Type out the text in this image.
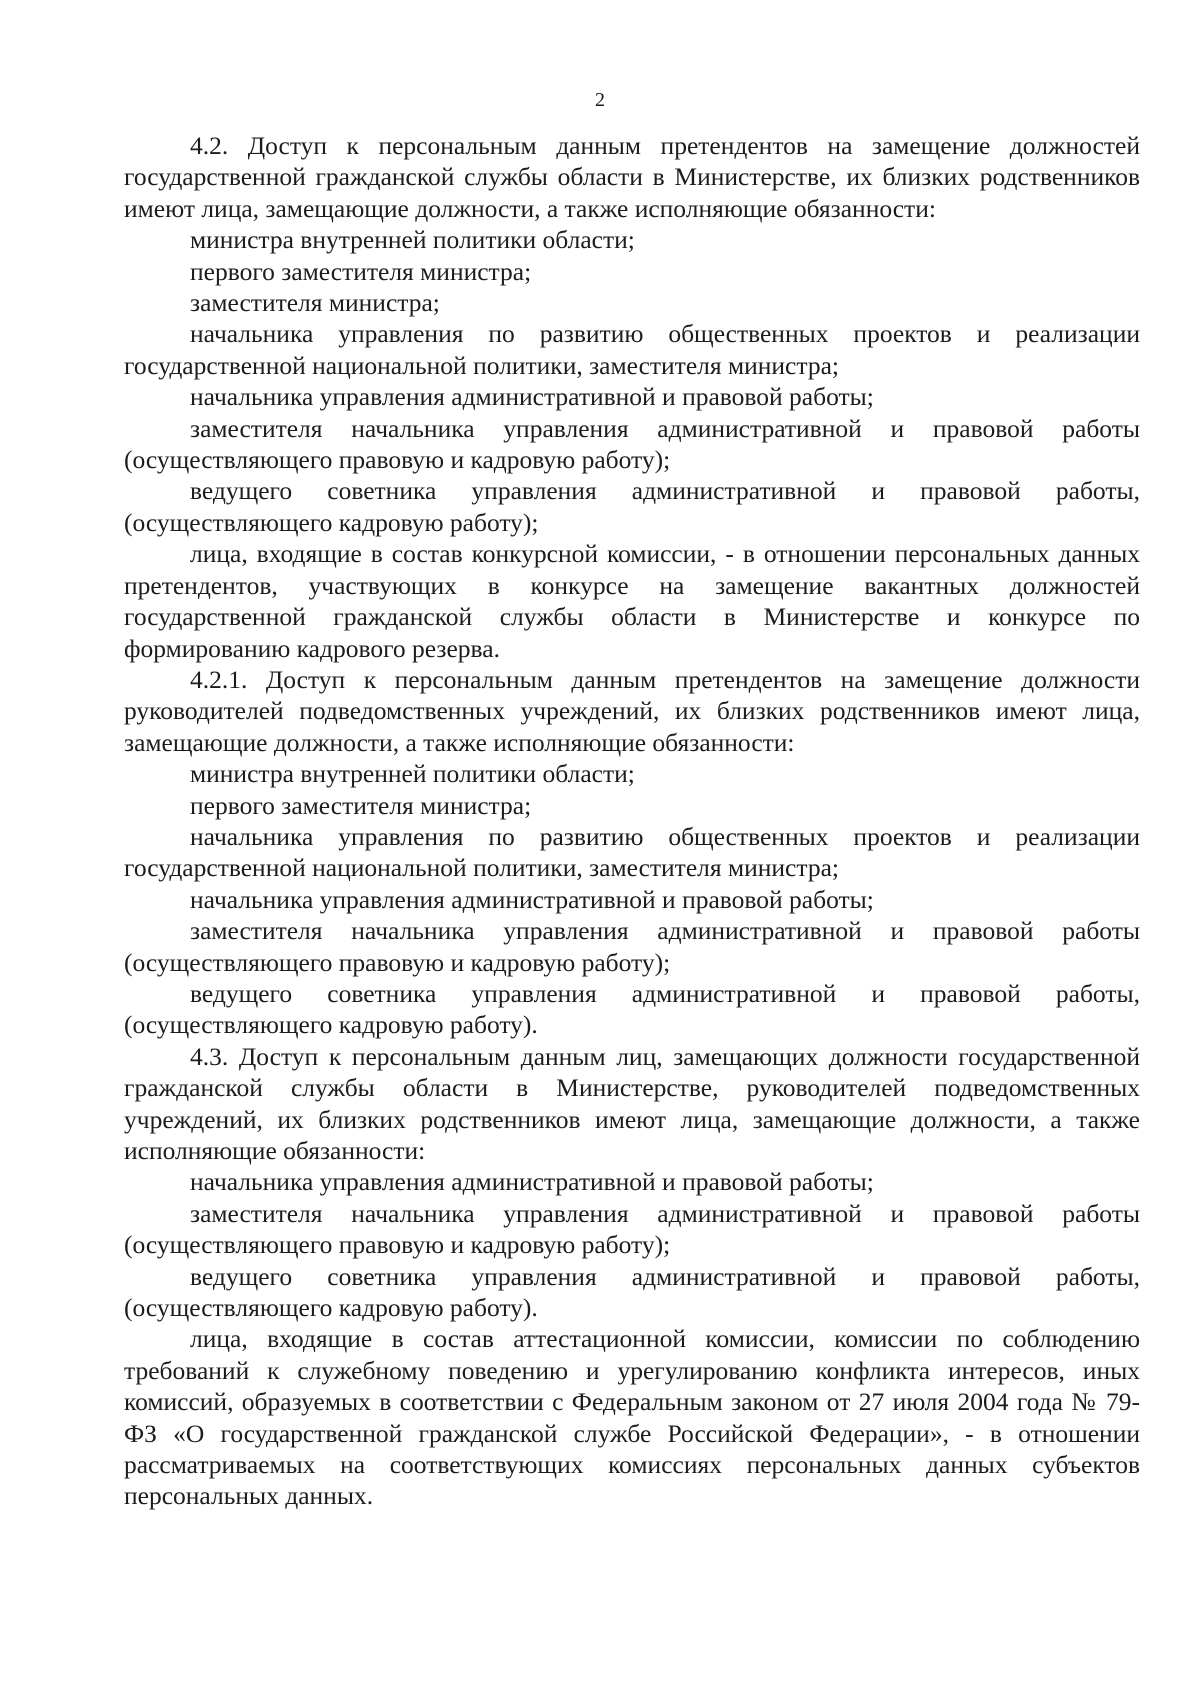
2

4.2. Доступ к персональным данным претендентов на замещение должностей государственной гражданской службы области в Министерстве, их близких родственников имеют лица, замещающие должности, а также исполняющие обязанности:

министра внутренней политики области;

первого заместителя министра;

заместителя министра;

начальника управления по развитию общественных проектов и реализации государственной национальной политики, заместителя министра;

начальника управления административной и правовой работы;

заместителя начальника управления административной и правовой работы (осуществляющего правовую и кадровую работу);

ведущего советника управления административной и правовой работы, (осуществляющего кадровую работу);

лица, входящие в состав конкурсной комиссии, - в отношении персональных данных претендентов, участвующих в конкурсе на замещение вакантных должностей государственной гражданской службы области в Министерстве и конкурсе по формированию кадрового резерва.

4.2.1. Доступ к персональным данным претендентов на замещение должности руководителей подведомственных учреждений, их близких родственников имеют лица, замещающие должности, а также исполняющие обязанности:

министра внутренней политики области;

первого заместителя министра;

начальника управления по развитию общественных проектов и реализации государственной национальной политики, заместителя министра;

начальника управления административной и правовой работы;

заместителя начальника управления административной и правовой работы (осуществляющего правовую и кадровую работу);

ведущего советника управления административной и правовой работы, (осуществляющего кадровую работу).

4.3. Доступ к персональным данным лиц, замещающих должности государственной гражданской службы области в Министерстве, руководителей подведомственных учреждений, их близких родственников имеют лица, замещающие должности, а также исполняющие обязанности:

начальника управления административной и правовой работы;

заместителя начальника управления административной и правовой работы (осуществляющего правовую и кадровую работу);

ведущего советника управления административной и правовой работы, (осуществляющего кадровую работу).

лица, входящие в состав аттестационной комиссии, комиссии по соблюдению требований к служебному поведению и урегулированию конфликта интересов, иных комиссий, образуемых в соответствии с Федеральным законом от 27 июля 2004 года № 79-ФЗ «О государственной гражданской службе Российской Федерации», - в отношении рассматриваемых на соответствующих комиссиях персональных данных субъектов персональных данных.
